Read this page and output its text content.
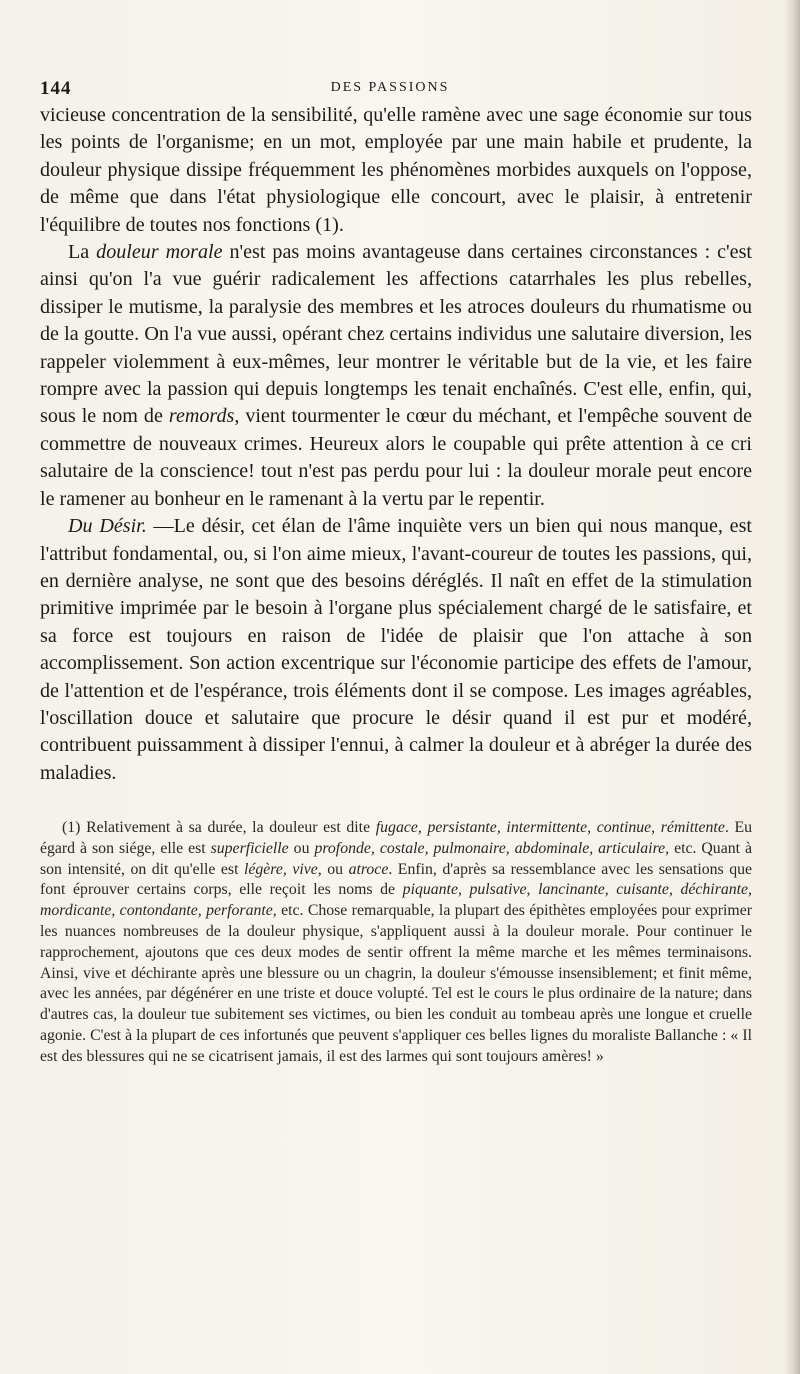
144	DES PASSIONS

vicieuse concentration de la sensibilité, qu'elle ramène avec une sage économie sur tous les points de l'organisme; en un mot, employée par une main habile et prudente, la douleur physique dissipe fréquemment les phénomènes morbides auxquels on l'oppose, de même que dans l'état physiologique elle concourt, avec le plaisir, à entretenir l'équilibre de toutes nos fonctions (1).

La douleur morale n'est pas moins avantageuse dans certaines circonstances : c'est ainsi qu'on l'a vue guérir radicalement les affections catarrhales les plus rebelles, dissiper le mutisme, la paralysie des membres et les atroces douleurs du rhumatisme ou de la goutte. On l'a vue aussi, opérant chez certains individus une salutaire diversion, les rappeler violemment à eux-mêmes, leur montrer le véritable but de la vie, et les faire rompre avec la passion qui depuis longtemps les tenait enchaînés. C'est elle, enfin, qui, sous le nom de remords, vient tourmenter le cœur du méchant, et l'empêche souvent de commettre de nouveaux crimes. Heureux alors le coupable qui prête attention à ce cri salutaire de la conscience! tout n'est pas perdu pour lui : la douleur morale peut encore le ramener au bonheur en le ramenant à la vertu par le repentir.

Du Désir. —Le désir, cet élan de l'âme inquiète vers un bien qui nous manque, est l'attribut fondamental, ou, si l'on aime mieux, l'avant-coureur de toutes les passions, qui, en dernière analyse, ne sont que des besoins déréglés. Il naît en effet de la stimulation primitive imprimée par le besoin à l'organe plus spécialement chargé de le satisfaire, et sa force est toujours en raison de l'idée de plaisir que l'on attache à son accomplissement. Son action excentrique sur l'économie participe des effets de l'amour, de l'attention et de l'espérance, trois éléments dont il se compose. Les images agréables, l'oscillation douce et salutaire que procure le désir quand il est pur et modéré, contribuent puissamment à dissiper l'ennui, à calmer la douleur et à abréger la durée des maladies.

(1) Relativement à sa durée, la douleur est dite fugace, persistante, intermittente, continue, rémittente. Eu égard à son siége, elle est superficielle ou profonde, costale, pulmonaire, abdominale, articulaire, etc. Quant à son intensité, on dit qu'elle est légère, vive, ou atroce. Enfin, d'après sa ressemblance avec les sensations que font éprouver certains corps, elle reçoit les noms de piquante, pulsative, lancinante, cuisante, déchirante, mordicante, contondante, perforante, etc. Chose remarquable, la plupart des épithètes employées pour exprimer les nuances nombreuses de la douleur physique, s'appliquent aussi à la douleur morale. Pour continuer le rapprochement, ajoutons que ces deux modes de sentir offrent la même marche et les mêmes terminaisons. Ainsi, vive et déchirante après une blessure ou un chagrin, la douleur s'émousse insensiblement; et finit même, avec les années, par dégénérer en une triste et douce volupté. Tel est le cours le plus ordinaire de la nature; dans d'autres cas, la douleur tue subitement ses victimes, ou bien les conduit au tombeau après une longue et cruelle agonie. C'est à la plupart de ces infortunés que peuvent s'appliquer ces belles lignes du moraliste Ballanche : « Il est des blessures qui ne se cicatrisent jamais, il est des larmes qui sont toujours amères! »
